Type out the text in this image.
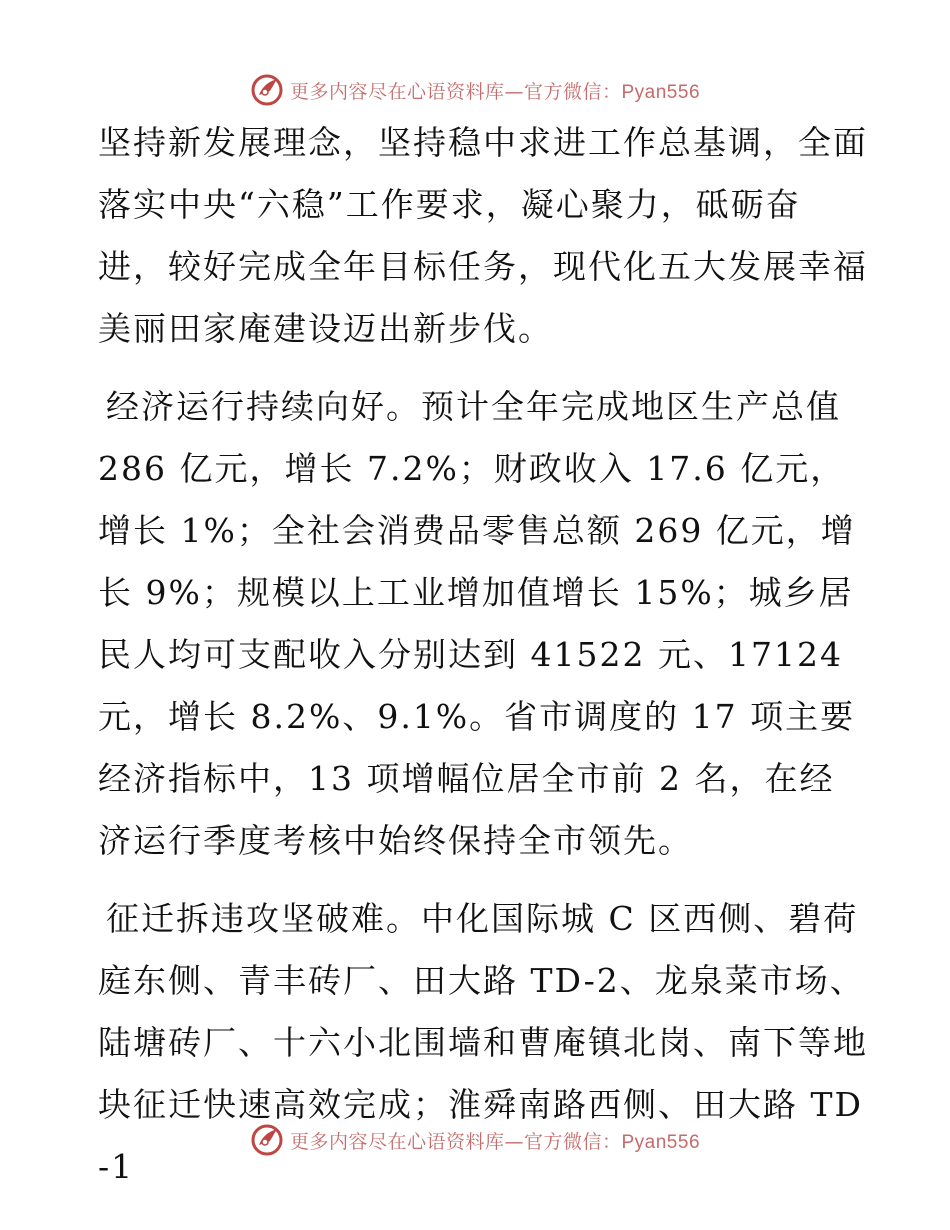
更多内容尽在心语资料库—官方微信：Pyan556

坚持新发展理念，坚持稳中求进工作总基调，全面落实中央“六稳”工作要求，凝心聚力，砥砺奋进，较好完成全年目标任务，现代化五大发展幸福美丽田家庵建设迈出新步伐。

经济运行持续向好。预计全年完成地区生产总值 286 亿元，增长 7.2%；财政收入 17.6 亿元，增长 1%；全社会消费品零售总额 269 亿元，增长 9%；规模以上工业增加值增长 15%；城乡居民人均可支配收入分别达到 41522 元、17124 元，增长 8.2%、9.1%。省市调度的 17 项主要经济指标中，13 项增幅位居全市前 2 名，在经济运行季度考核中始终保持全市领先。

征迁拆违攻坚破难。中化国际城 C 区西侧、碧荷庭东侧、青丰砖厂、田大路 TD-2、龙泉菜市场、陆塘砖厂、十六小北围墙和曹庵镇北岗、南下等地块征迁快速高效完成；淮舜南路西侧、田大路 TD-1

更多内容尽在心语资料库—官方微信：Pyan556
